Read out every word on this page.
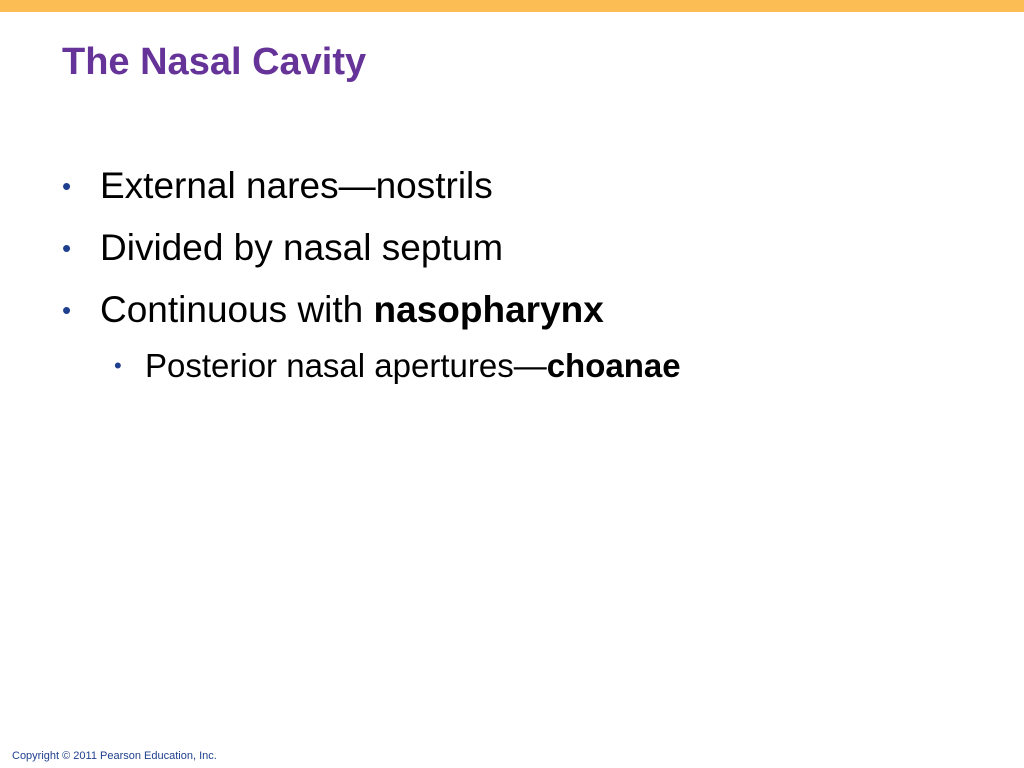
The Nasal Cavity
• External nares—nostrils
• Divided by nasal septum
• Continuous with nasopharynx
• Posterior nasal apertures—choanae
Copyright © 2011 Pearson Education, Inc.
